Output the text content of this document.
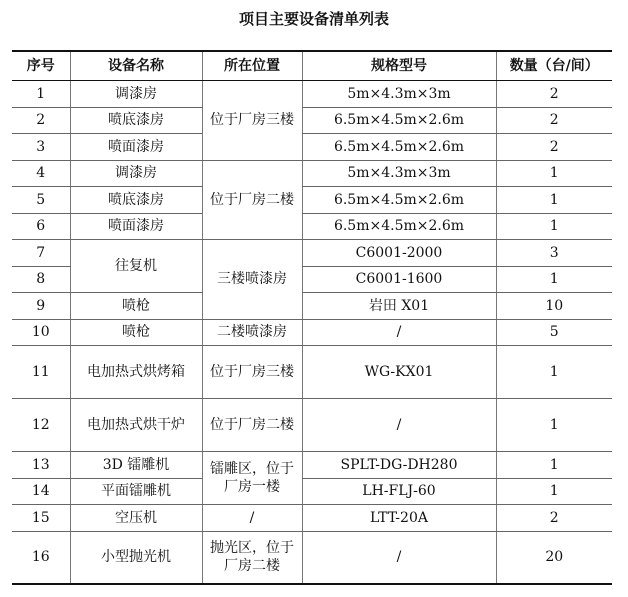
项目主要设备清单列表
序号	设备名称	所在位置	规格型号	数量（台/间）
1	调漆房	位于厂房三楼	5m×4.3m×3m	2
2	喷底漆房		6.5m×4.5m×2.6m	2
3	喷面漆房		6.5m×4.5m×2.6m	2
4	调漆房	位于厂房二楼	5m×4.3m×3m	1
5	喷底漆房		6.5m×4.5m×2.6m	1
6	喷面漆房		6.5m×4.5m×2.6m	1
7	往复机	三楼喷漆房	C6001-2000	3
8			C6001-1600	1
9	喷枪		岩田 X01	10
10	喷枪	二楼喷漆房	/	5
11	电加热式烘烤箱	位于厂房三楼	WG-KX01	1
12	电加热式烘干炉	位于厂房二楼	/	1
13	3D 镭雕机	镭雕区，位于厂房一楼	SPLT-DG-DH280	1
14	平面镭雕机		LH-FLJ-60	1
15	空压机	/	LTT-20A	2
16	小型抛光机	抛光区，位于厂房二楼	/	20
